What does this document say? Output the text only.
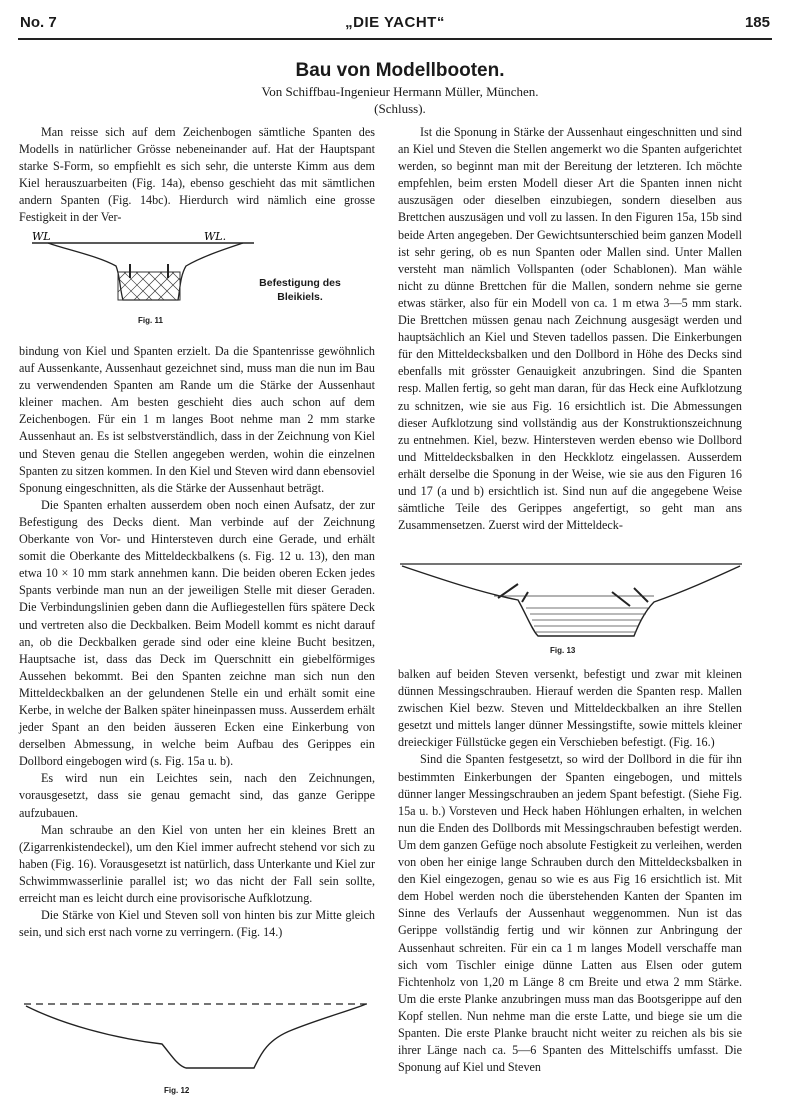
No. 7	„DIE YACHT“	185
Bau von Modellbooten.
Von Schiffbau-Ingenieur Hermann Müller, München.
(Schluss).

Man reisse sich auf dem Zeichenbogen sämtliche Spanten des Modells in natürlicher Grösse nebeneinander auf. Hat der Hauptspant starke S-Form, so empfiehlt es sich sehr, die unterste Kimm aus dem Kiel herauszuarbeiten (Fig. 14a), ebenso geschieht das mit sämtlichen andern Spanten (Fig. 14bc). Hierdurch wird nämlich eine grosse Festigkeit in der Ver-

WL	WL.
Befestigung des
Bleikiels.
Fig. 11

bindung von Kiel und Spanten erzielt. Da die Spantenrisse gewöhnlich auf Aussenkante, Aussenhaut gezeichnet sind, muss man die nun im Bau zu verwendenden Spanten am Rande um die Stärke der Aussenhaut kleiner machen. Am besten geschieht dies auch schon auf dem Zeichenbogen. Für ein 1 m langes Boot nehme man 2 mm starke Aussenhaut an. Es ist selbstverständlich, dass in der Zeichnung von Kiel und Steven genau die Stellen angegeben werden, wohin die einzelnen Spanten zu sitzen kommen. In den Kiel und Steven wird dann ebensoviel Sponung eingeschnitten, als die Stärke der Aussenhaut beträgt.

Die Spanten erhalten ausserdem oben noch einen Aufsatz, der zur Befestigung des Decks dient. Man verbinde auf der Zeichnung Oberkante von Vor- und Hintersteven durch eine Gerade, und erhält somit die Oberkante des Mitteldeckbalkens (s. Fig. 12 u. 13), den man etwa 10 × 10 mm stark annehmen kann. Die beiden oberen Ecken jedes Spants verbinde man nun an der jeweiligen Stelle mit dieser Geraden. Die Verbindungslinien geben dann die Aufliegestellen fürs spätere Deck und vertreten also die Deckbalken. Beim Modell kommt es nicht darauf an, ob die Deckbalken gerade sind oder eine kleine Bucht besitzen, Hauptsache ist, dass das Deck im Querschnitt ein giebelförmiges Aussehen bekommt. Bei den Spanten zeichne man sich nun den Mitteldeckbalken an der gelundenen Stelle ein und erhält somit eine Kerbe, in welche der Balken später hineinpassen muss. Ausserdem erhält jeder Spant an den beiden äusseren Ecken eine Einkerbung von derselben Abmessung, in welche beim Aufbau des Gerippes ein Dollbord eingebogen wird (s. Fig. 15a u. b).

Es wird nun ein Leichtes sein, nach den Zeichnungen, vorausgesetzt, dass sie genau gemacht sind, das ganze Gerippe aufzubauen.

Man schraube an den Kiel von unten her ein kleines Brett an (Zigarrenkistendeckel), um den Kiel immer aufrecht stehend vor sich zu haben (Fig. 16). Vorausgesetzt ist natürlich, dass Unterkante und Kiel zur Schwimmwasserlinie parallel ist; wo das nicht der Fall sein sollte, erreicht man es leicht durch eine provisorische Aufklotzung.

Die Stärke von Kiel und Steven soll von hinten bis zur Mitte gleich sein, und sich erst nach vorne zu verringern. (Fig. 14.)

Fig. 12

Ist die Sponung in Stärke der Aussenhaut eingeschnitten und sind an Kiel und Steven die Stellen angemerkt wo die Spanten aufgerichtet werden, so beginnt man mit der Bereitung der letzteren. Ich möchte empfehlen, beim ersten Modell dieser Art die Spanten innen nicht auszusägen oder dieselben einzubiegen, sondern dieselben aus Brettchen auszusägen und voll zu lassen. In den Figuren 15a, 15b sind beide Arten angegeben. Der Gewichtsunterschied beim ganzen Modell ist sehr gering, ob es nun Spanten oder Mallen sind. Unter Mallen versteht man nämlich Vollspanten (oder Schablonen). Man wähle nicht zu dünne Brettchen für die Mallen, sondern nehme sie gerne etwas stärker, also für ein Modell von ca. 1 m etwa 3—5 mm stark. Die Brettchen müssen genau nach Zeichnung ausgesägt werden und hauptsächlich an Kiel und Steven tadellos passen. Die Einkerbungen für den Mitteldecksbalken und den Dollbord in Höhe des Decks sind ebenfalls mit grösster Genauigkeit anzubringen. Sind die Spanten resp. Mallen fertig, so geht man daran, für das Heck eine Aufklotzung zu schnitzen, wie sie aus Fig. 16 ersichtlich ist. Die Abmessungen dieser Aufklotzung sind vollständig aus der Konstruktionszeichnung zu entnehmen. Kiel, bezw. Hintersteven werden ebenso wie Dollbord und Mitteldecksbalken in den Heckklotz eingelassen. Ausserdem erhält derselbe die Sponung in der Weise, wie sie aus den Figuren 16 und 17 (a und b) ersichtlich ist. Sind nun auf die angegebene Weise sämtliche Teile des Gerippes angefertigt, so geht man ans Zusammensetzen. Zuerst wird der Mitteldeck-

Fig. 13

balken auf beiden Steven versenkt, befestigt und zwar mit kleinen dünnen Messingschrauben. Hierauf werden die Spanten resp. Mallen zwischen Kiel bezw. Steven und Mitteldeckbalken an ihre Stellen gesetzt und mittels langer dünner Messingstifte, sowie mittels kleiner dreieckiger Füllstücke gegen ein Verschieben befestigt. (Fig. 16.)

Sind die Spanten festgesetzt, so wird der Dollbord in die für ihn bestimmten Einkerbungen der Spanten eingebogen, und mittels dünner langer Messingschrauben an jedem Spant befestigt. (Siehe Fig. 15a u. b.) Vorsteven und Heck haben Höhlungen erhalten, in welchen nun die Enden des Dollbords mit Messingschrauben befestigt werden. Um dem ganzen Gefüge noch absolute Festigkeit zu verleihen, werden von oben her einige lange Schrauben durch den Mitteldecksbalken in den Kiel eingezogen, genau so wie es aus Fig 16 ersichtlich ist. Mit dem Hobel werden noch die überstehenden Kanten der Spanten im Sinne des Verlaufs der Aussenhaut weggenommen. Nun ist das Gerippe vollständig fertig und wir können zur Anbringung der Aussenhaut schreiten. Für ein ca 1 m langes Modell verschaffe man sich vom Tischler einige dünne Latten aus Elsen oder gutem Fichtenholz von 1,20 m Länge 8 cm Breite und etwa 2 mm Stärke. Um die erste Planke anzubringen muss man das Bootsgerippe auf den Kopf stellen. Nun nehme man die erste Latte, und biege sie um die Spanten. Die erste Planke braucht nicht weiter zu reichen als bis sie ihrer Länge nach ca. 5—6 Spanten des Mittelschiffs umfasst. Die Sponung auf Kiel und Steven
